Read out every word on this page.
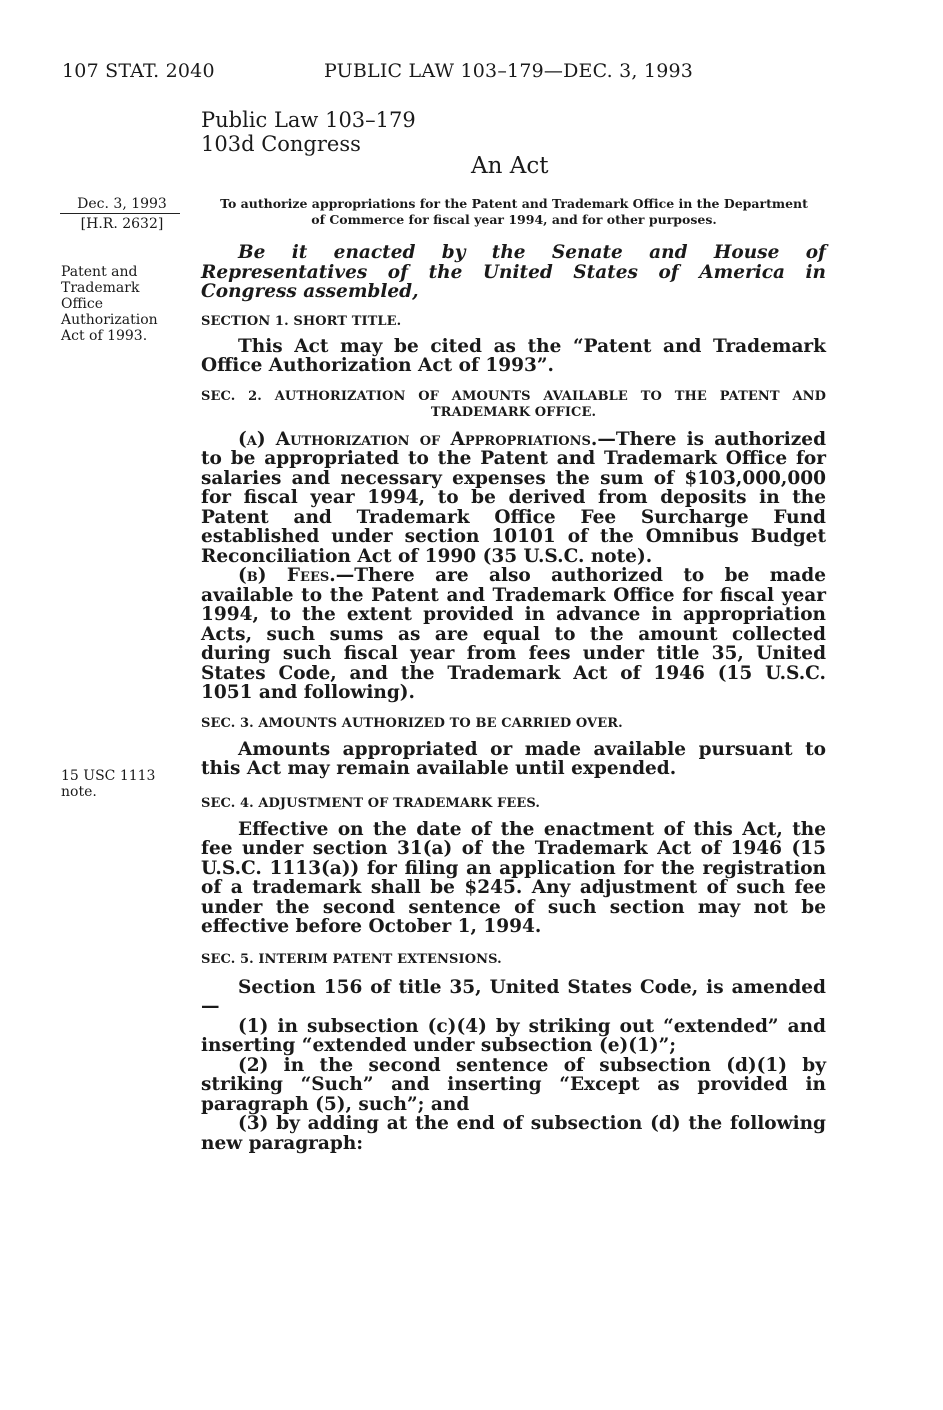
107 STAT. 2040	PUBLIC LAW 103–179—DEC. 3, 1993
Public Law 103–179
103d Congress
An Act
Dec. 3, 1993
[H.R. 2632]
Patent and
Trademark
Office
Authorization
Act of 1993.
15 USC 1113
note.
To authorize appropriations for the Patent and Trademark Office in the Department
of Commerce for fiscal year 1994, and for other purposes.

Be it enacted by the Senate and House of Representatives of the United States of America in Congress assembled,

SECTION 1. SHORT TITLE.

This Act may be cited as the “Patent and Trademark Office Authorization Act of 1993”.

SEC. 2. AUTHORIZATION OF AMOUNTS AVAILABLE TO THE PATENT AND TRADEMARK OFFICE.

(a) Authorization of Appropriations.—There is authorized to be appropriated to the Patent and Trademark Office for salaries and necessary expenses the sum of $103,000,000 for fiscal year 1994, to be derived from deposits in the Patent and Trademark Office Fee Surcharge Fund established under section 10101 of the Omnibus Budget Reconciliation Act of 1990 (35 U.S.C. note).

(b) Fees.—There are also authorized to be made available to the Patent and Trademark Office for fiscal year 1994, to the extent provided in advance in appropriation Acts, such sums as are equal to the amount collected during such fiscal year from fees under title 35, United States Code, and the Trademark Act of 1946 (15 U.S.C. 1051 and following).

SEC. 3. AMOUNTS AUTHORIZED TO BE CARRIED OVER.

Amounts appropriated or made available pursuant to this Act may remain available until expended.

SEC. 4. ADJUSTMENT OF TRADEMARK FEES.

Effective on the date of the enactment of this Act, the fee under section 31(a) of the Trademark Act of 1946 (15 U.S.C. 1113(a)) for filing an application for the registration of a trademark shall be $245. Any adjustment of such fee under the second sentence of such section may not be effective before October 1, 1994.

SEC. 5. INTERIM PATENT EXTENSIONS.

Section 156 of title 35, United States Code, is amended—

(1) in subsection (c)(4) by striking out “extended” and inserting “extended under subsection (e)(1)”;

(2) in the second sentence of subsection (d)(1) by striking “Such” and inserting “Except as provided in paragraph (5), such”; and

(3) by adding at the end of subsection (d) the following new paragraph:
